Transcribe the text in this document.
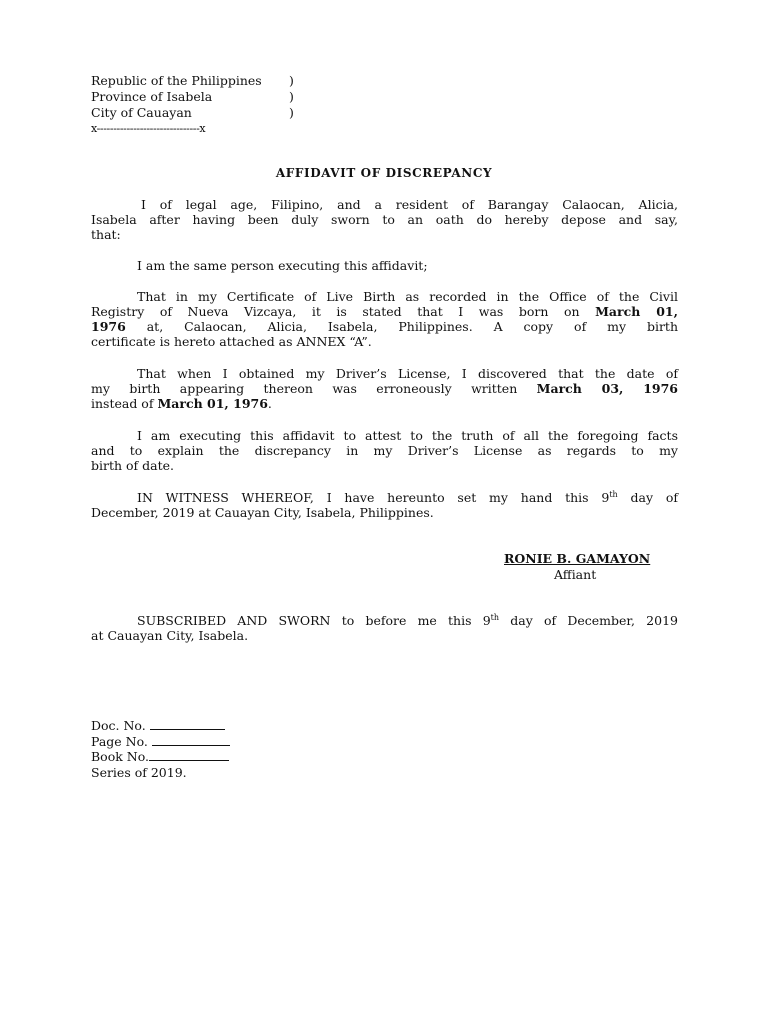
Republic of the Philippines )
Province of Isabela	)
City of Cauayan	)
x-------------------------------x
AFFIDAVIT OF DISCREPANCY
I of legal age, Filipino, and a resident of Barangay Calaocan, Alicia,
Isabela after having been duly sworn to an oath do hereby depose and say,
that:
I am the same person executing this affidavit;
That in my Certificate of Live Birth as recorded in the Office of the Civil
Registry of Nueva Vizcaya, it is stated that I was born on March 01,
1976 at, Calaocan, Alicia, Isabela, Philippines. A copy of my birth
certificate is hereto attached as ANNEX “A”.
That when I obtained my Driver’s License, I discovered that the date of
my birth appearing thereon was erroneously written March 03, 1976
instead of March 01, 1976.
I am executing this affidavit to attest to the truth of all the foregoing facts
and to explain the discrepancy in my Driver’s License as regards to my
birth of date.
IN WITNESS WHEREOF, I have hereunto set my hand this 9th day of
December, 2019 at Cauayan City, Isabela, Philippines.
RONIE B. GAMAYON
Affiant
SUBSCRIBED AND SWORN to before me this 9th day of December, 2019
at Cauayan City, Isabela.
Doc. No.
Page No.
Book No.
Series of 2019.
